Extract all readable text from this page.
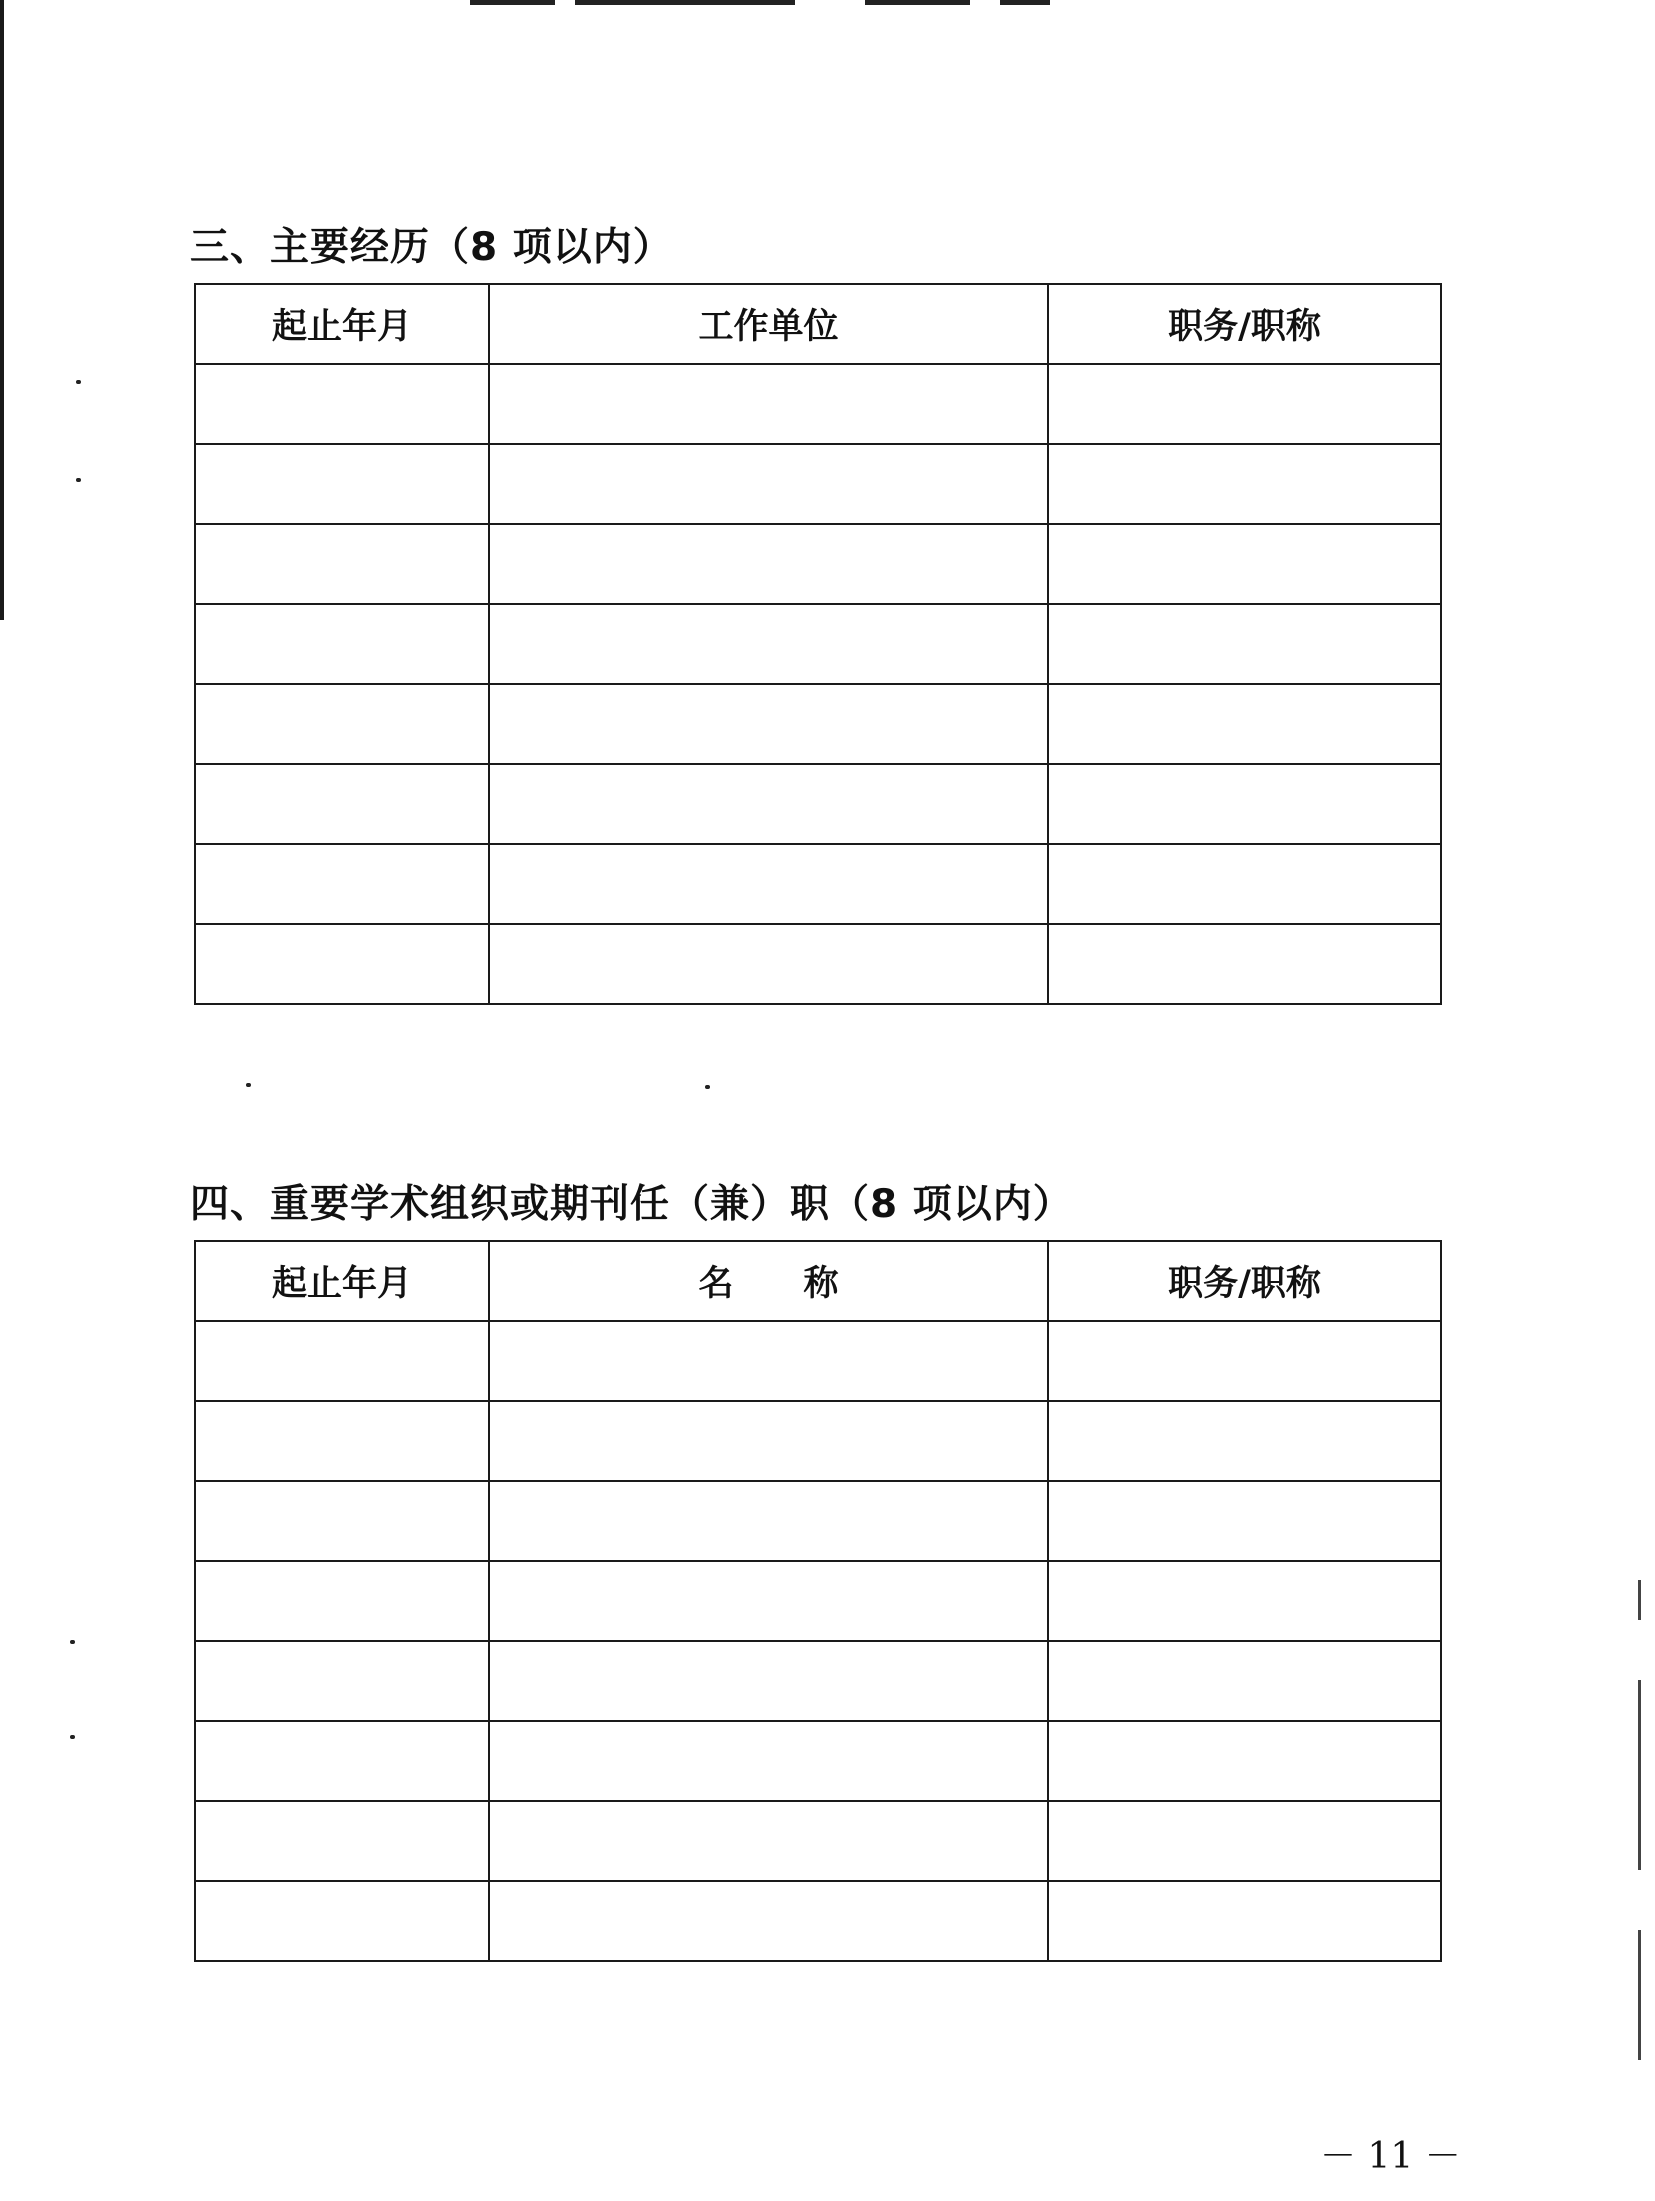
三、主要经历（8 项以内）
起止年月	工作单位	职务/职称

四、重要学术组织或期刊任（兼）职（8 项以内）
起止年月	名　　称	职务/职称

－ 11 －
